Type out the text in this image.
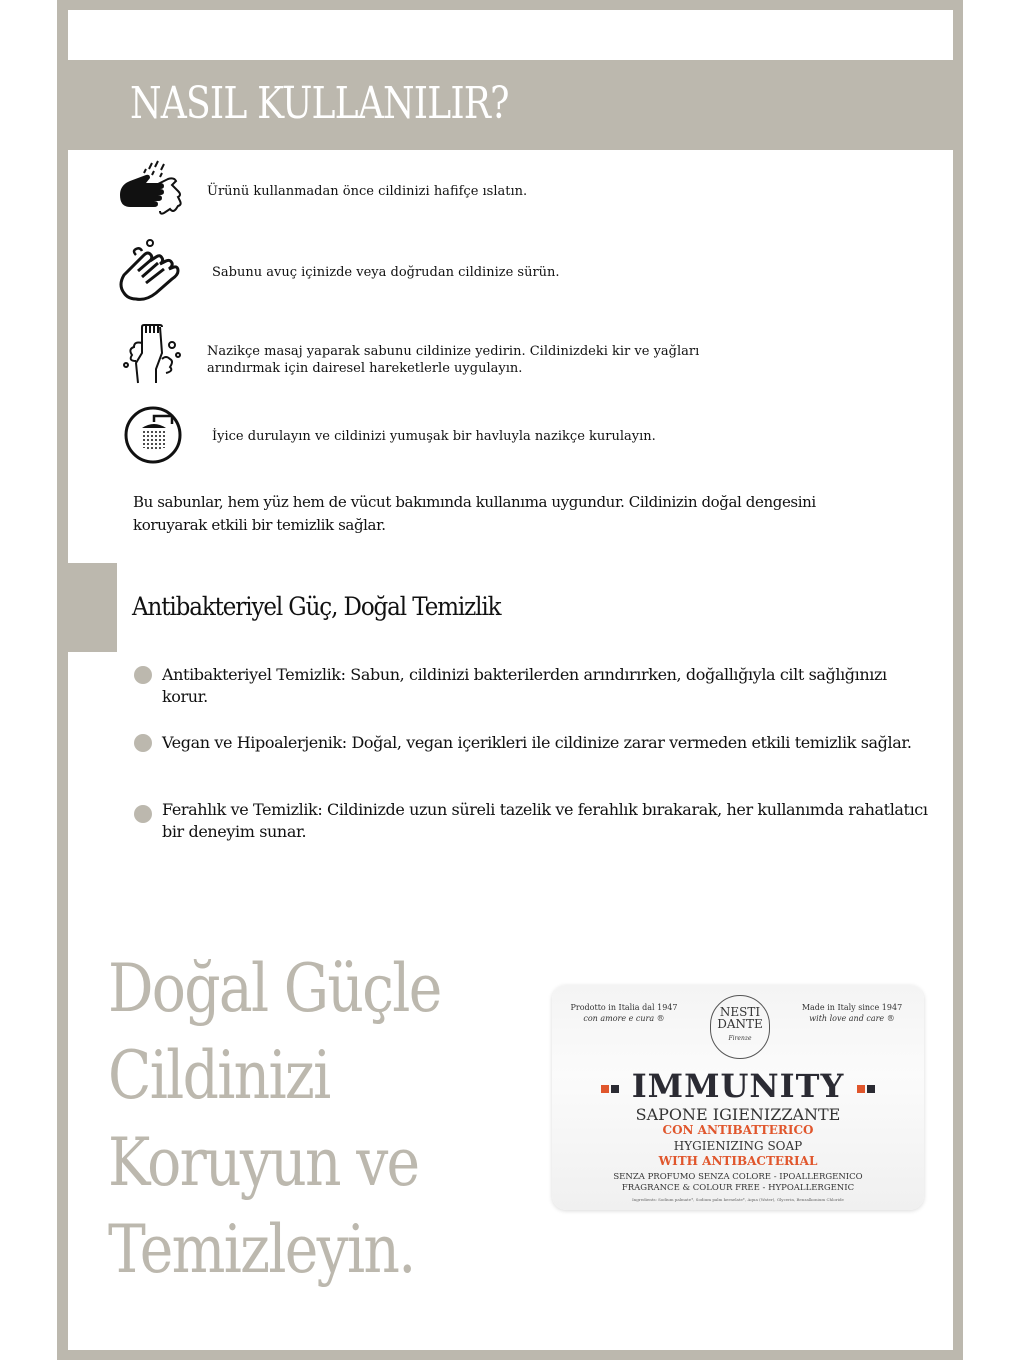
NASIL KULLANILIR?
Ürünü kullanmadan önce cildinizi hafifçe ıslatın.
Sabunu avuç içinizde veya doğrudan cildinize sürün.
Nazikçe masaj yaparak sabunu cildinize yedirin. Cildinizdeki kir ve yağları
arındırmak için dairesel hareketlerle uygulayın.
İyice durulayın ve cildinizi yumuşak bir havluyla nazikçe kurulayın.
Bu sabunlar, hem yüz hem de vücut bakımında kullanıma uygundur. Cildinizin doğal dengesini koruyarak etkili bir temizlik sağlar.
Antibakteriyel Güç, Doğal Temizlik
Antibakteriyel Temizlik: Sabun, cildinizi bakterilerden arındırırken, doğallığıyla cilt sağlığınızı korur.
Vegan ve Hipoalerjenik: Doğal, vegan içerikleri ile cildinize zarar vermeden etkili temizlik sağlar.
Ferahlık ve Temizlik: Cildinizde uzun süreli tazelik ve ferahlık bırakarak, her kullanımda rahatlatıcı bir deneyim sunar.
Doğal Güçle
Cildinizi
Koruyun ve
Temizleyin.
Prodotto in Italia dal 1947
con amore e cura ®	NESTI
DANTE
Firenze
Made in Italy since 1947
with love and care ®
IMMUNITY
SAPONE IGIENIZZANTE
CON ANTIBATTERICO
HYGIENIZING SOAP
WITH ANTIBACTERIAL
SENZA PROFUMO SENZA COLORE - IPOALLERGENICO
FRAGRANCE & COLOUR FREE - HYPOALLERGENIC
Ingredients: Sodium palmate*, Sodium palm kernelate*, Aqua (Water), Glycerin, Benzalkonium Chloride
